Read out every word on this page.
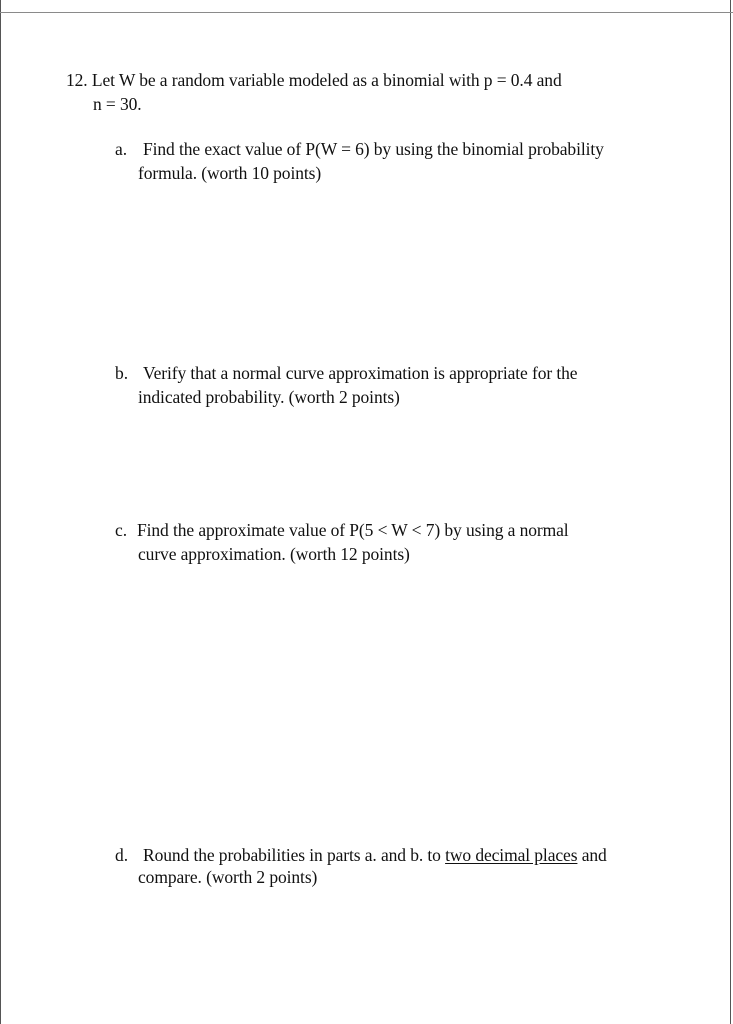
12. Let W be a random variable modeled as a binomial with p = 0.4 and
n = 30.
a. Find the exact value of P(W = 6) by using the binomial probability
formula. (worth 10 points)
b. Verify that a normal curve approximation is appropriate for the
indicated probability. (worth 2 points)
c. Find the approximate value of P(5 < W < 7) by using a normal
curve approximation. (worth 12 points)
d. Round the probabilities in parts a. and b. to two decimal places and
compare. (worth 2 points)
